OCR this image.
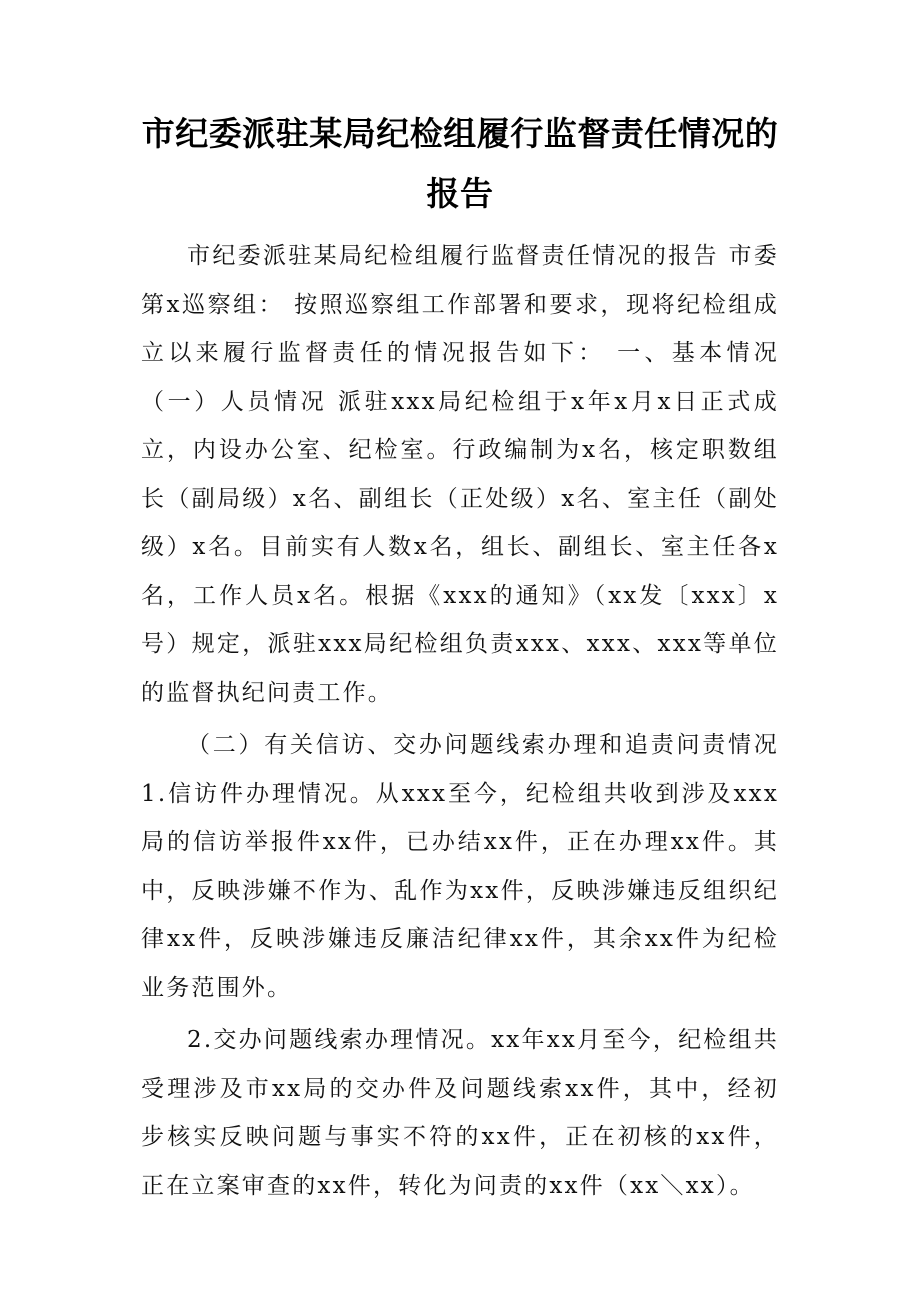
市纪委派驻某局纪检组履行监督责任情况的
报告

市纪委派驻某局纪检组履行监督责任情况的报告 市委第x巡察组： 按照巡察组工作部署和要求，现将纪检组成立以来履行监督责任的情况报告如下： 一、基本情况 （一）人员情况 派驻xxx局纪检组于x年x月x日正式成立，内设办公室、纪检室。行政编制为x名，核定职数组长（副局级）x名、副组长（正处级）x名、室主任（副处级）x名。目前实有人数x名，组长、副组长、室主任各x名，工作人员x名。根据《xxx的通知》（xx发〔xxx〕x号）规定，派驻xxx局纪检组负责xxx、xxx、xxx等单位的监督执纪问责工作。

（二）有关信访、交办问题线索办理和追责问责情况 1.信访件办理情况。从xxx至今，纪检组共收到涉及xxx局的信访举报件xx件，已办结xx件，正在办理xx件。其中，反映涉嫌不作为、乱作为xx件，反映涉嫌违反组织纪律xx件，反映涉嫌违反廉洁纪律xx件，其余xx件为纪检业务范围外。

2.交办问题线索办理情况。xx年xx月至今，纪检组共受理涉及市xx局的交办件及问题线索xx件，其中，经初步核实反映问题与事实不符的xx件，正在初核的xx件，正在立案审查的xx件，转化为问责的xx件（xx＼xx）。
